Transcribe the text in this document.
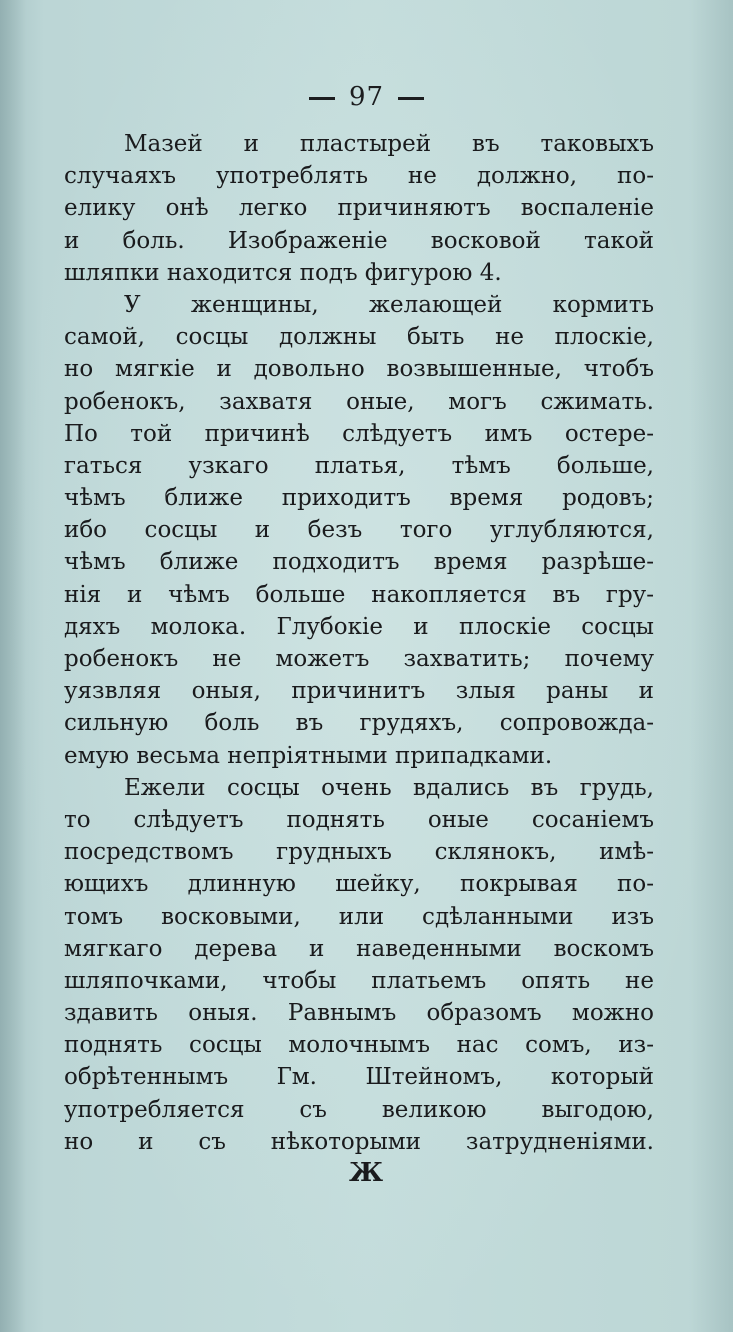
97
Мазей и пластырей въ таковыхъ
случаяхъ употреблять не должно, по-
елику онѣ легко причиняютъ воспаленіе
и боль. Изображеніе восковой такой
шляпки находится подъ фигурою 4.
У женщины, желающей кормить
самой, сосцы должны быть не плоскіе,
но мягкіе и довольно возвышенные, чтобъ
робенокъ, захватя оные, могъ сжимать.
По той причинѣ слѣдуетъ имъ остере-
гаться узкаго платья, тѣмъ больше,
чѣмъ ближе приходитъ время родовъ;
ибо сосцы и безъ того углубляются,
чѣмъ ближе подходитъ время разрѣше-
нія и чѣмъ больше накопляется въ гру-
дяхъ молока. Глубокіе и плоскіе сосцы
робенокъ не можетъ захватить; почему
уязвляя оныя, причинитъ злыя раны и
сильную боль въ грудяхъ, сопровожда-
емую весьма непріятными припадками.
Ежели сосцы очень вдались въ грудь,
то слѣдуетъ поднять оные сосаніемъ
посредствомъ грудныхъ склянокъ, имѣ-
ющихъ длинную шейку, покрывая по-
томъ восковыми, или сдѣланными изъ
мягкаго дерева и наведенными воскомъ
шляпочками, чтобы платьемъ опять не
здавить оныя. Равнымъ образомъ можно
поднять сосцы молочнымъ нас сомъ, из-
обрѣтеннымъ Гм. Штейномъ, который
употребляется съ великою выгодою,
но и съ нѣкоторыми затрудненіями.
Ж
